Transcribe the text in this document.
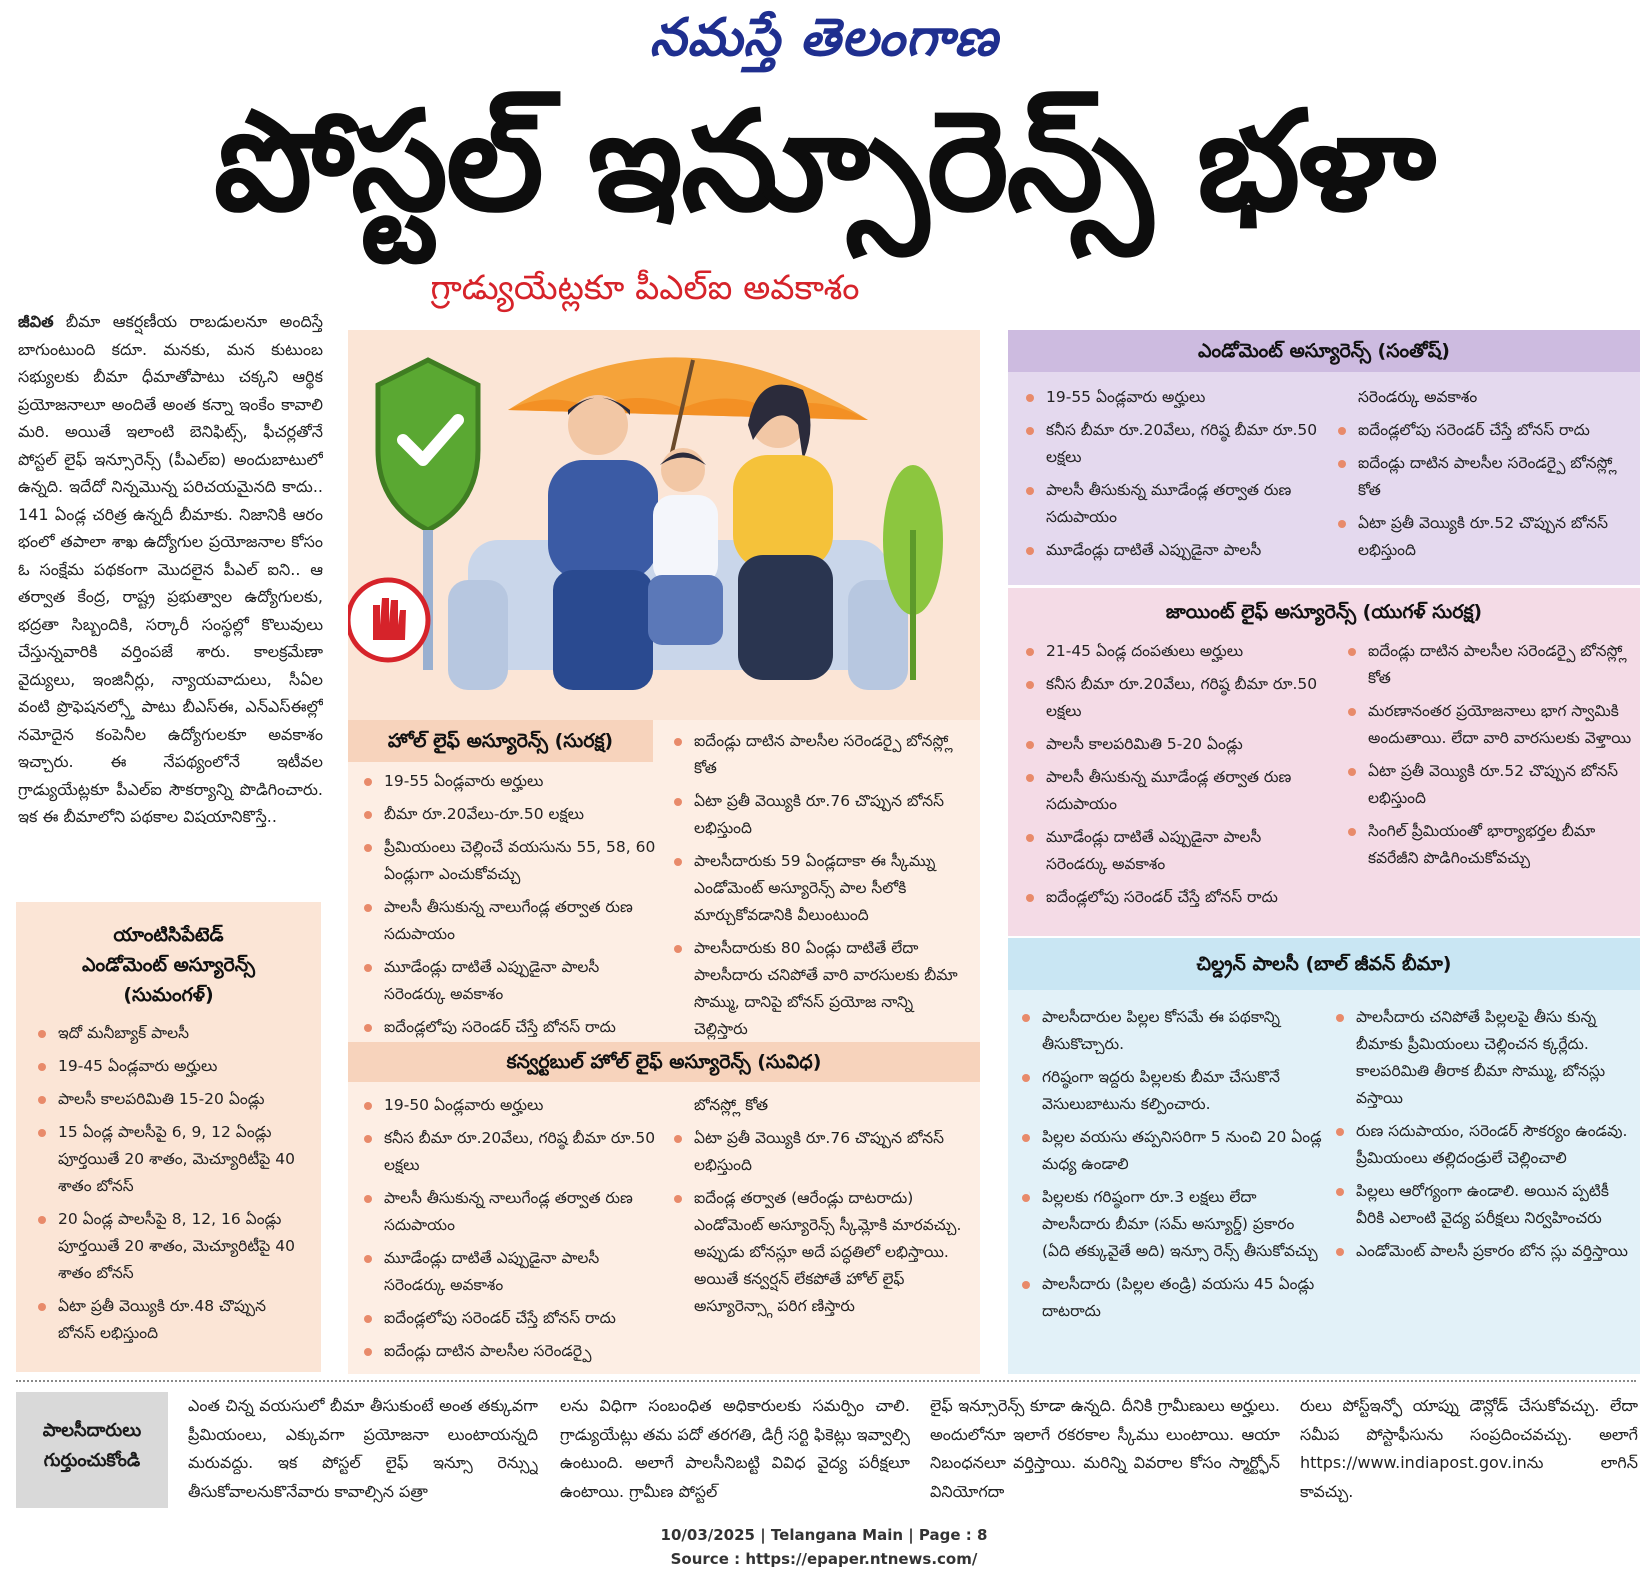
నమస్తే తెలంగాణ
పోస్టల్ ఇన్సూరెన్స్ భళా
గ్రాడ్యుయేట్లకూ పీఎల్ఐ అవకాశం
జీవిత బీమా ఆకర్షణీయ రాబడులనూ అందిస్తే బాగుంటుంది కదూ. మనకు, మన కుటుంబ సభ్యులకు బీమా ధీమాతోపాటు చక్కని ఆర్థిక ప్రయోజనాలూ అందితే అంత కన్నా ఇంకేం కావాలి మరి. అయితే ఇలాంటి బెనిఫిట్స్, ఫీచర్లతోనే పోస్టల్ లైఫ్ ఇన్సూరెన్స్ (పీఎల్ఐ) అందుబాటులో ఉన్నది. ఇదేదో నిన్నమొన్న పరిచయమైనది కాదు.. 141 ఏండ్ల చరిత్ర ఉన్నదీ బీమాకు. నిజానికి ఆరం భంలో తపాలా శాఖ ఉద్యోగుల ప్రయోజనాల కోసం ఓ సంక్షేమ పథకంగా మొదలైన పీఎల్ ఐని.. ఆ తర్వాత కేంద్ర, రాష్ట్ర ప్రభుత్వాల ఉద్యోగులకు, భద్రతా సిబ్బందికి, సర్కారీ సంస్థల్లో కొలువులు చేస్తున్నవారికి వర్తింపజే శారు. కాలక్రమేణా వైద్యులు, ఇంజినీర్లు, న్యాయవాదులు, సీఏల వంటి ప్రొఫెషనల్స్తో పాటు బీఎస్ఈ, ఎన్ఎస్ఈల్లో నమోదైన కంపెనీల ఉద్యోగులకూ అవకాశం ఇచ్చారు. ఈ నేపథ్యంలోనే ఇటీవల గ్రాడ్యుయేట్లకూ పీఎల్ఐ సౌకర్యాన్ని పొడిగించారు. ఇక ఈ బీమాలోని పథకాల విషయానికొస్తే..
యాంటిసిపేటెడ్
ఎండోమెంట్ అస్యూరెన్స్
(సుమంగళ్)
ఇదో మనీబ్యాక్ పాలసీ
19-45 ఏండ్లవారు అర్హులు
పాలసీ కాలపరిమితి 15-20 ఏండ్లు
15 ఏండ్ల పాలసీపై 6, 9, 12 ఏండ్లు పూర్తయితే 20 శాతం, మెచ్యూరిటీపై 40 శాతం బోనస్
20 ఏండ్ల పాలసీపై 8, 12, 16 ఏండ్లు పూర్తయితే 20 శాతం, మెచ్యూరిటీపై 40 శాతం బోనస్
ఏటా ప్రతీ వెయ్యికి రూ.48 చొప్పున బోనస్ లభిస్తుంది
హోల్ లైఫ్ అస్యూరెన్స్ (సురక్ష)
19-55 ఏండ్లవారు అర్హులు
బీమా రూ.20వేలు-రూ.50 లక్షలు
ప్రీమియంలు చెల్లించే వయసును 55, 58, 60 ఏండ్లుగా ఎంచుకోవచ్చు
పాలసీ తీసుకున్న నాలుగేండ్ల తర్వాత రుణ సదుపాయం
మూడేండ్లు దాటితే ఎప్పుడైనా పాలసీ సరెండర్కు అవకాశం
ఐదేండ్లలోపు సరెండర్ చేస్తే బోనస్ రాదు
ఐదేండ్లు దాటిన పాలసీల సరెండర్పై బోనస్ల్లో కోత
ఏటా ప్రతీ వెయ్యికి రూ.76 చొప్పున బోనస్ లభిస్తుంది
పాలసీదారుకు 59 ఏండ్లదాకా ఈ స్కీమ్ను ఎండోమెంట్ అస్యూరెన్స్ పాల సీలోకి మార్చుకోవడానికి వీలుంటుంది
పాలసీదారుకు 80 ఏండ్లు దాటితే లేదా పాలసీదారు చనిపోతే వారి వారసులకు బీమా సొమ్ము, దానిపై బోనస్ ప్రయోజ నాన్ని చెల్లిస్తారు
కన్వర్టబుల్ హోల్ లైఫ్ అస్యూరెన్స్ (సువిధ)
19-50 ఏండ్లవారు అర్హులు
కనీస బీమా రూ.20వేలు, గరిష్ఠ బీమా రూ.50 లక్షలు
పాలసీ తీసుకున్న నాలుగేండ్ల తర్వాత రుణ సదుపాయం
మూడేండ్లు దాటితే ఎప్పుడైనా పాలసీ సరెండర్కు అవకాశం
ఐదేండ్లలోపు సరెండర్ చేస్తే బోనస్ రాదు
ఐదేండ్లు దాటిన పాలసీల సరెండర్పై
బోనస్ల్లో కోత
ఏటా ప్రతీ వెయ్యికి రూ.76 చొప్పున బోనస్ లభిస్తుంది
ఐదేండ్ల తర్వాత (ఆరేండ్లు దాటరాదు) ఎండోమెంట్ అస్యూరెన్స్ స్కీమ్లోకి మారవచ్చు. అప్పుడు బోనస్లూ అదే పద్ధతిలో లభిస్తాయి. అయితే కన్వర్షన్ లేకపోతే హోల్ లైఫ్ అస్యూరెన్స్గా పరిగ ణిస్తారు
ఎండోమెంట్ అస్యూరెన్స్ (సంతోష్)
19-55 ఏండ్లవారు అర్హులు
కనీస బీమా రూ.20వేలు, గరిష్ఠ బీమా రూ.50 లక్షలు
పాలసీ తీసుకున్న మూడేండ్ల తర్వాత రుణ సదుపాయం
మూడేండ్లు దాటితే ఎప్పుడైనా పాలసీ
సరెండర్కు అవకాశం
ఐదేండ్లలోపు సరెండర్ చేస్తే బోనస్ రాదు
ఐదేండ్లు దాటిన పాలసీల సరెండర్పై బోనస్ల్లో కోత
ఏటా ప్రతీ వెయ్యికి రూ.52 చొప్పున బోనస్ లభిస్తుంది
జాయింట్ లైఫ్ అస్యూరెన్స్ (యుగళ్ సురక్ష)
21-45 ఏండ్ల దంపతులు అర్హులు
కనీస బీమా రూ.20వేలు, గరిష్ఠ బీమా రూ.50 లక్షలు
పాలసీ కాలపరిమితి 5-20 ఏండ్లు
పాలసీ తీసుకున్న మూడేండ్ల తర్వాత రుణ సదుపాయం
మూడేండ్లు దాటితే ఎప్పుడైనా పాలసీ సరెండర్కు అవకాశం
ఐదేండ్లలోపు సరెండర్ చేస్తే బోనస్ రాదు
ఐదేండ్లు దాటిన పాలసీల సరెండర్పై బోనస్ల్లో కోత
మరణానంతర ప్రయోజనాలు భాగ స్వామికి అందుతాయి. లేదా వారి వారసులకు వెళ్తాయి
ఏటా ప్రతీ వెయ్యికి రూ.52 చొప్పున బోనస్ లభిస్తుంది
సింగిల్ ప్రీమియంతో భార్యాభర్తల బీమా కవరేజీని పొడిగించుకోవచ్చు
చిల్డ్రన్ పాలసీ (బాల్ జీవన్ బీమా)
పాలసీదారుల పిల్లల కోసమే ఈ పథకాన్ని తీసుకొచ్చారు.
గరిష్ఠంగా ఇద్దరు పిల్లలకు బీమా చేసుకొనే వెసులుబాటును కల్పించారు.
పిల్లల వయసు తప్పనిసరిగా 5 నుంచి 20 ఏండ్ల మధ్య ఉండాలి
పిల్లలకు గరిష్ఠంగా రూ.3 లక్షలు లేదా పాలసీదారు బీమా (సమ్ అస్యూర్డ్) ప్రకారం (ఏది తక్కువైతే అది) ఇన్సూ రెన్స్ తీసుకోవచ్చు
పాలసీదారు (పిల్లల తండ్రి) వయసు 45 ఏండ్లు దాటరాదు
పాలసీదారు చనిపోతే పిల్లలపై తీసు కున్న బీమాకు ప్రీమియంలు చెల్లించన క్కర్లేదు. కాలపరిమితి తీరాక బీమా సొమ్ము, బోనస్లు వస్తాయి
రుణ సదుపాయం, సరెండర్ సౌకర్యం ఉండవు. ప్రీమియంలు తల్లిదండ్రులే చెల్లించాలి
పిల్లలు ఆరోగ్యంగా ఉండాలి. అయిన ప్పటికీ వీరికి ఎలాంటి వైద్య పరీక్షలు నిర్వహించరు
ఎండోమెంట్ పాలసీ ప్రకారం బోన స్లు వర్తిస్తాయి
పాలసీదారులు
గుర్తుంచుకోండి
ఎంత చిన్న వయసులో బీమా తీసుకుంటే అంత తక్కువగా ప్రీమియంలు, ఎక్కువగా ప్రయోజనా లుంటాయన్నది మరువద్దు. ఇక పోస్టల్ లైఫ్ ఇన్సూ రెన్స్ను తీసుకోవాలనుకొనేవారు కావాల్సిన పత్రా
లను విధిగా సంబంధిత అధికారులకు సమర్పిం చాలి. గ్రాడ్యుయేట్లు తమ పదో తరగతి, డిగ్రీ సర్టి ఫికెట్లు ఇవ్వాల్సి ఉంటుంది. అలాగే పాలసీనిబట్టి వివిధ వైద్య పరీక్షలూ ఉంటాయి. గ్రామీణ పోస్టల్
లైఫ్ ఇన్సూరెన్స్ కూడా ఉన్నది. దీనికి గ్రామీణులు అర్హులు. అందులోనూ ఇలాగే రకరకాల స్కీము లుంటాయి. ఆయా నిబంధనలూ వర్తిస్తాయి. మరిన్ని వివరాల కోసం స్మార్ట్ఫోన్ వినియోగదా
రులు పోస్ట్ఇన్ఫో యాప్ను డౌన్లోడ్ చేసుకోవచ్చు. లేదా సమీప పోస్టాఫీసును సంప్రదించవచ్చు. అలాగే https://www.indiapost.gov.inను లాగిన్ కావచ్చు.
10/03/2025 | Telangana Main | Page : 8
Source : https://epaper.ntnews.com/
